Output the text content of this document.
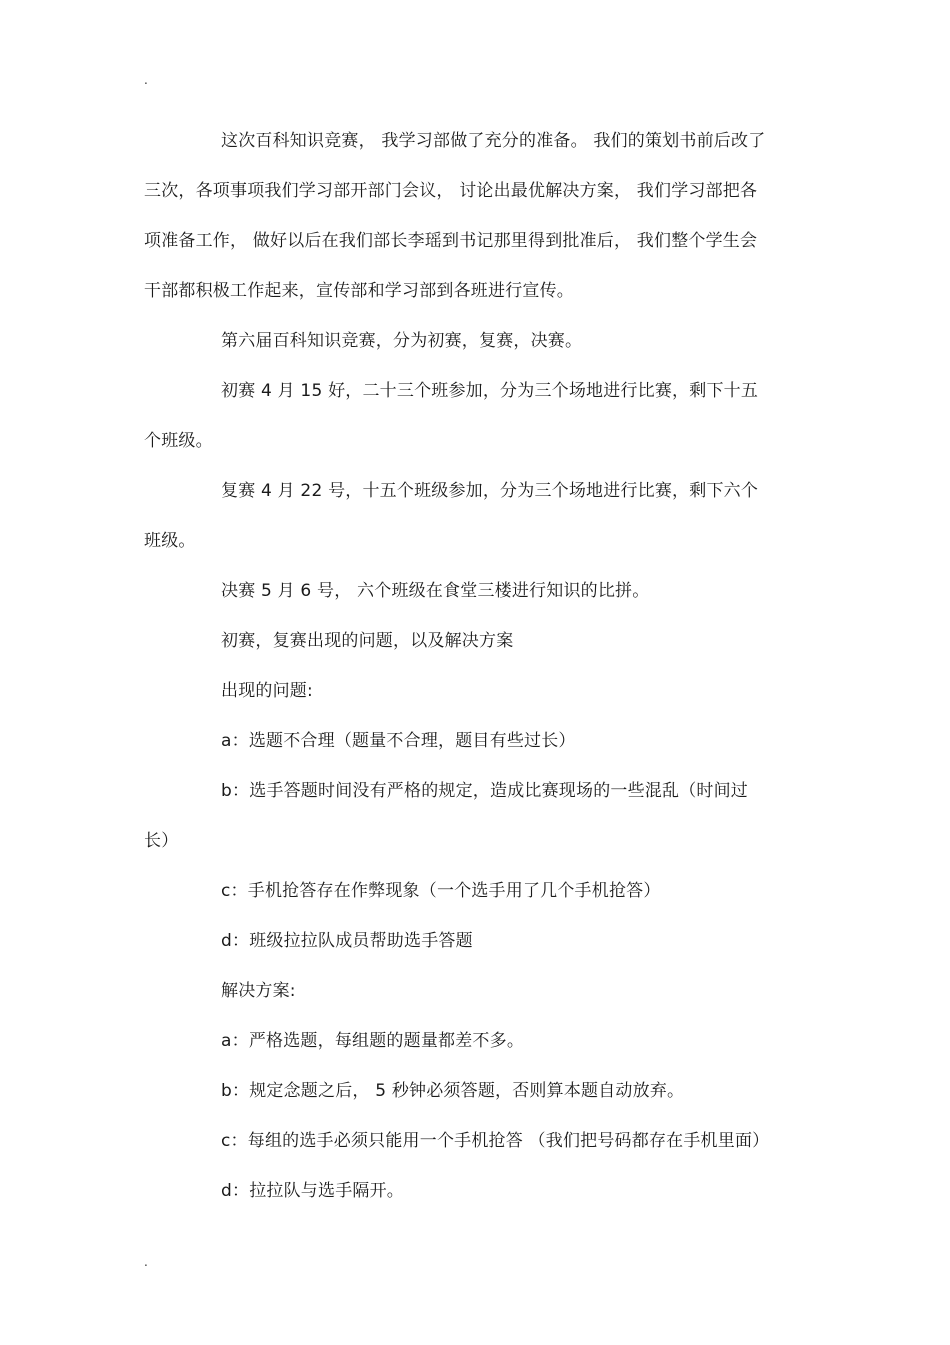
.
这次百科知识竞赛， 我学习部做了充分的准备。 我们的策划书前后改了
三次，各项事项我们学习部开部门会议， 讨论出最优解决方案， 我们学习部把各
项准备工作， 做好以后在我们部长李瑶到书记那里得到批准后， 我们整个学生会
干部都积极工作起来，宣传部和学习部到各班进行宣传。
第六届百科知识竞赛，分为初赛，复赛，决赛。
初赛 4 月 15 好，二十三个班参加，分为三个场地进行比赛，剩下十五
个班级。
复赛 4 月 22 号，十五个班级参加，分为三个场地进行比赛，剩下六个
班级。
决赛 5 月 6 号， 六个班级在食堂三楼进行知识的比拼。
初赛，复赛出现的问题，以及解决方案
出现的问题:
a：选题不合理（题量不合理，题目有些过长）
b：选手答题时间没有严格的规定，造成比赛现场的一些混乱（时间过
长）
c：手机抢答存在作弊现象（一个选手用了几个手机抢答）
d：班级拉拉队成员帮助选手答题
解决方案:
a：严格选题，每组题的题量都差不多。
b：规定念题之后， 5 秒钟必须答题，否则算本题自动放弃。
c：每组的选手必须只能用一个手机抢答 （我们把号码都存在手机里面）
d：拉拉队与选手隔开。
.
